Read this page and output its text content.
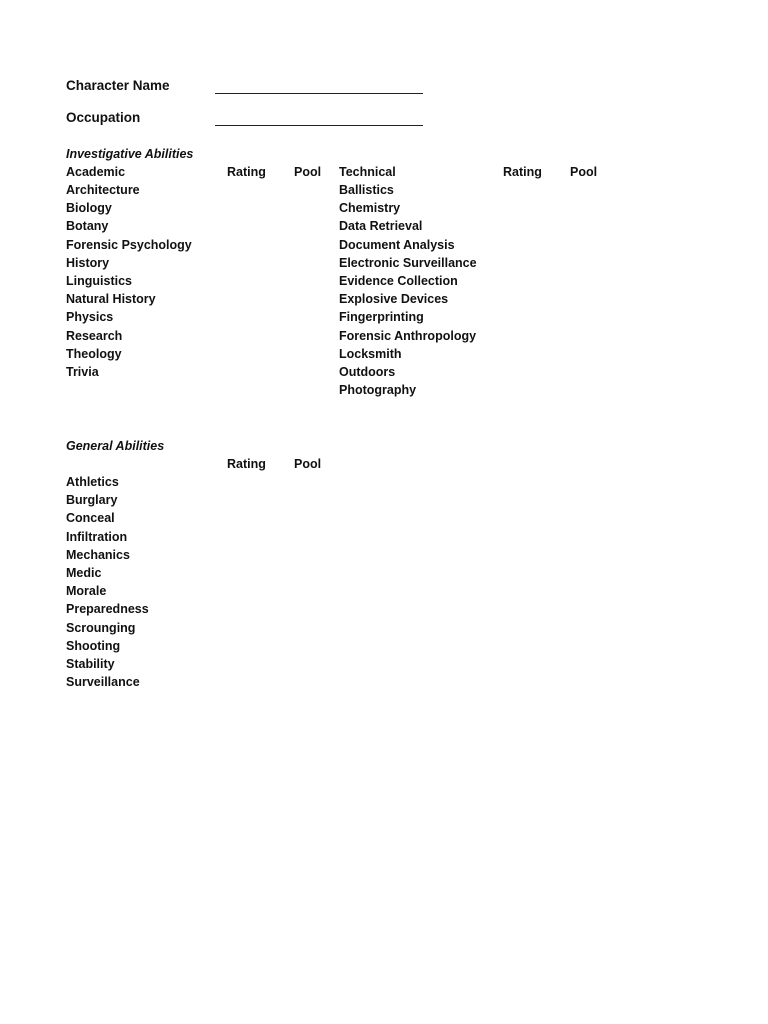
Character Name
Occupation
Investigative Abilities
Academic	Rating Pool Technical	Rating Pool
Architecture
Biology
Botany
Forensic Psychology
History
Linguistics
Natural History
Physics
Research
Theology
Trivia
Ballistics
Chemistry
Data Retrieval
Document Analysis
Electronic Surveillance
Evidence Collection
Explosive Devices
Fingerprinting
Forensic Anthropology
Locksmith
Outdoors
Photography
General Abilities
Rating Pool
Athletics
Burglary
Conceal
Infiltration
Mechanics
Medic
Morale
Preparedness
Scrounging
Shooting
Stability
Surveillance
